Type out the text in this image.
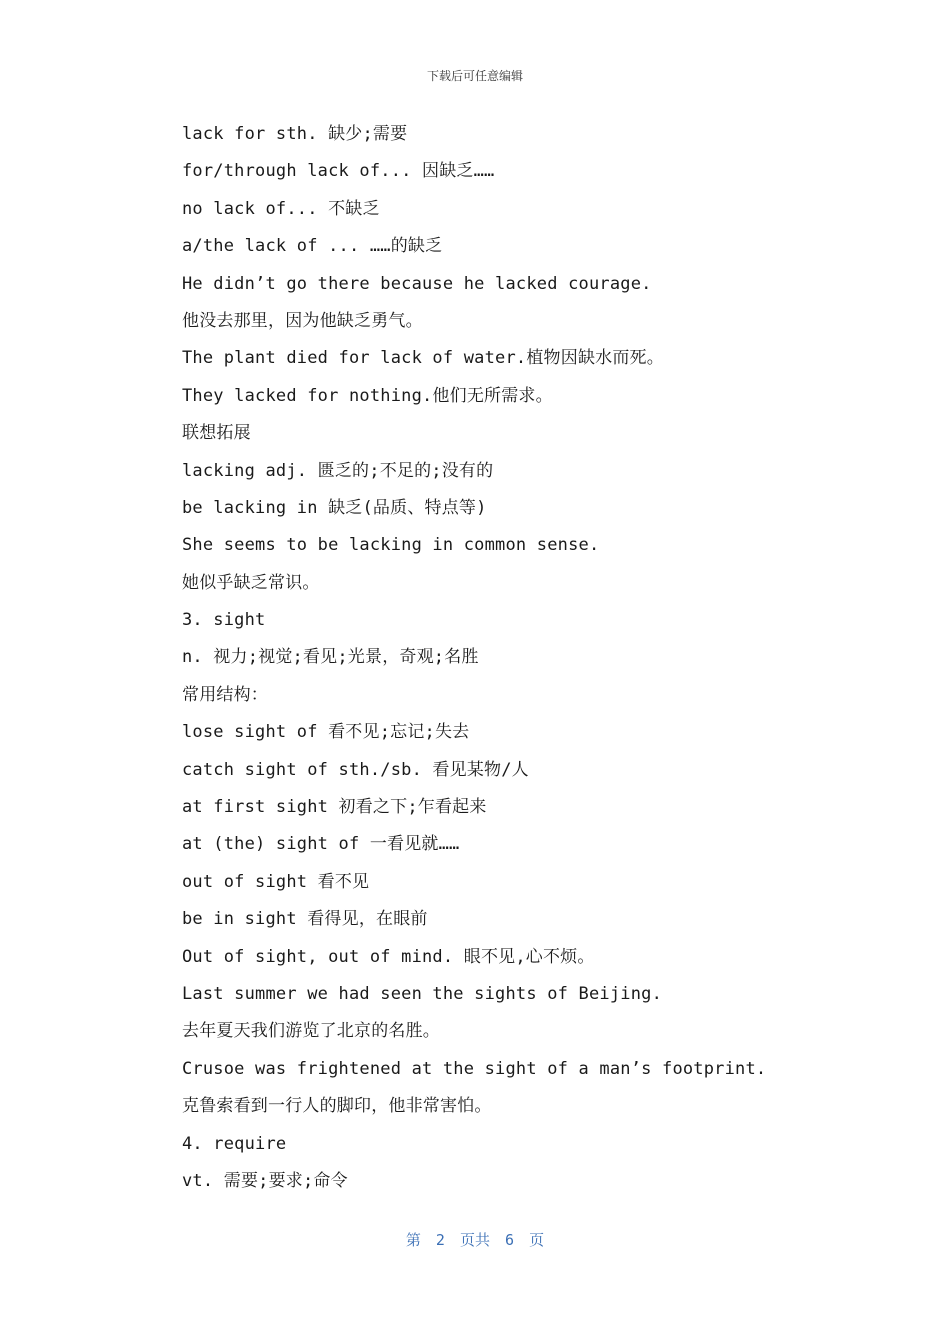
下载后可任意编辑
lack for sth. 缺少;需要
for/through lack of... 因缺乏……
no lack of... 不缺乏
a/the lack of ... ……的缺乏
He didn’t go there because he lacked courage.
他没去那里，因为他缺乏勇气。
The plant died for lack of water.植物因缺水而死。
They lacked for nothing.他们无所需求。
联想拓展
lacking adj. 匮乏的;不足的;没有的
be lacking in 缺乏(品质、特点等)
She seems to be lacking in common sense.
她似乎缺乏常识。
3. sight
n. 视力;视觉;看见;光景，奇观;名胜
常用结构：
lose sight of 看不见;忘记;失去
catch sight of sth./sb. 看见某物/人
at first sight 初看之下;乍看起来
at (the) sight of 一看见就……
out of sight 看不见
be in sight 看得见，在眼前
Out of sight, out of mind. 眼不见,心不烦。
Last summer we had seen the sights of Beijing.
去年夏天我们游览了北京的名胜。
Crusoe was frightened at the sight of a man’s footprint.
克鲁索看到一行人的脚印，他非常害怕。
4. require
vt. 需要;要求;命令
第 2 页共 6 页
